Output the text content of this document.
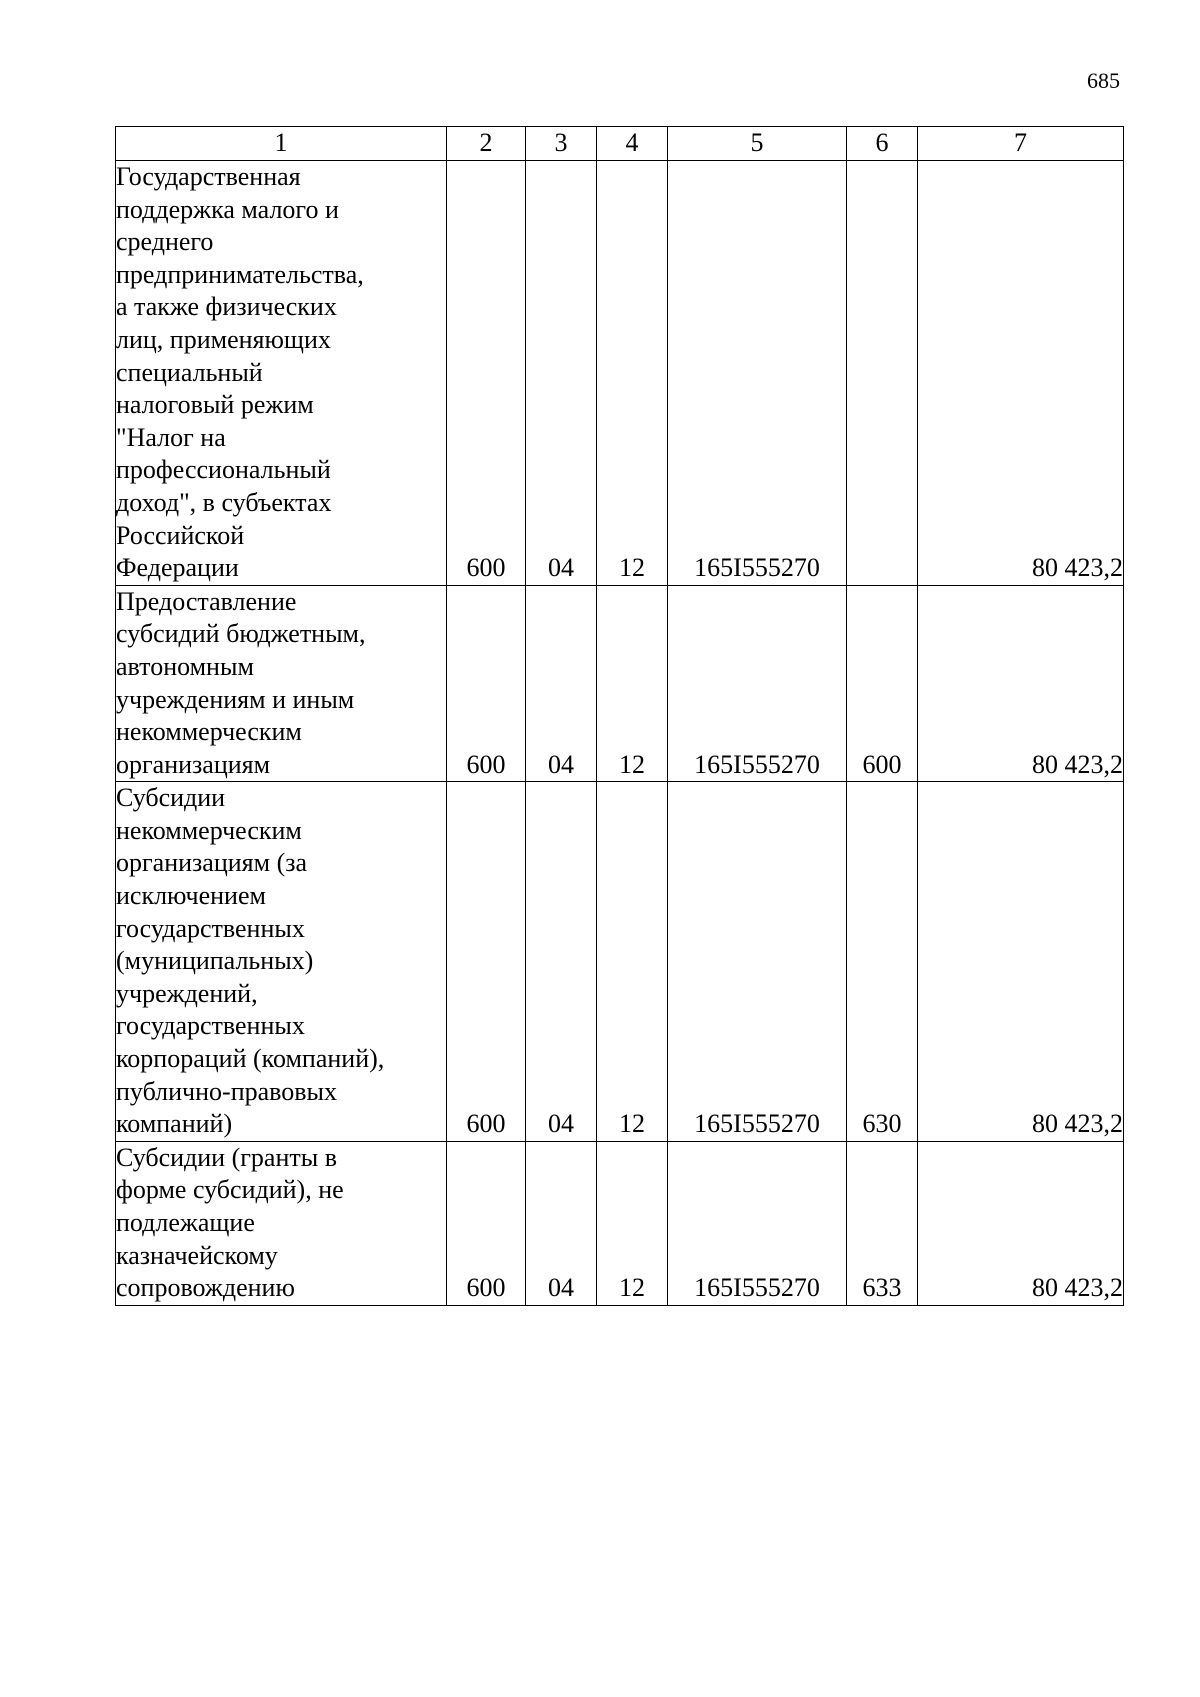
685
1	2	3	4	5	6	7

Государственная поддержка малого и среднего предпринимательства, а также физических лиц, применяющих специальный налоговый режим "Налог на профессиональный доход", в субъектах Российской Федерации	600	04	12	165I555270		80 423,2

Предоставление субсидий бюджетным, автономным учреждениям и иным некоммерческим организациям	600	04	12	165I555270	600	80 423,2

Субсидии некоммерческим организациям (за исключением государственных (муниципальных) учреждений, государственных корпораций (компаний), публично-правовых компаний)	600	04	12	165I555270	630	80 423,2

Субсидии (гранты в форме субсидий), не подлежащие казначейскому сопровождению	600	04	12	165I555270	633	80 423,2
